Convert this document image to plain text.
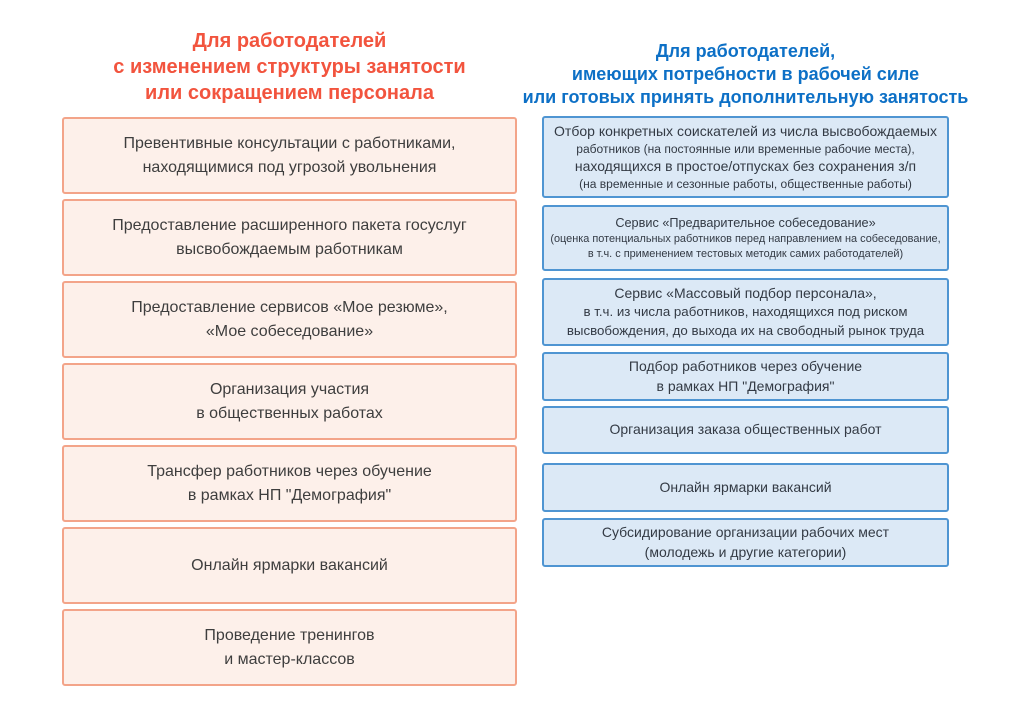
Для работодателей
с изменением структуры занятости
или сокращением персонала
Превентивные консультации с работниками,
находящимися под угрозой увольнения
Предоставление расширенного пакета госуслуг
высвобождаемым работникам
Предоставление сервисов «Мое резюме»,
«Мое собеседование»
Организация участия
в общественных работах
Трансфер работников через обучение
в рамках НП "Демография"
Онлайн ярмарки вакансий
Проведение тренингов
и мастер-классов
Для работодателей,
имеющих потребности в рабочей силе
или готовых принять дополнительную занятость
Отбор конкретных соискателей из числа высвобождаемых
работников (на постоянные или временные рабочие места),
находящихся в простое/отпусках без сохранения з/п
(на временные и сезонные работы, общественные работы)
Сервис «Предварительное собеседование»
(оценка потенциальных работников перед направлением на собеседование,
в т.ч. с применением тестовых методик самих работодателей)
Сервис «Массовый подбор персонала»,
в т.ч. из числа работников, находящихся под риском
высвобождения, до выхода их на свободный рынок труда
Подбор работников через обучение
в рамках НП "Демография"
Организация заказа общественных работ
Онлайн ярмарки вакансий
Субсидирование организации рабочих мест
(молодежь и другие категории)
